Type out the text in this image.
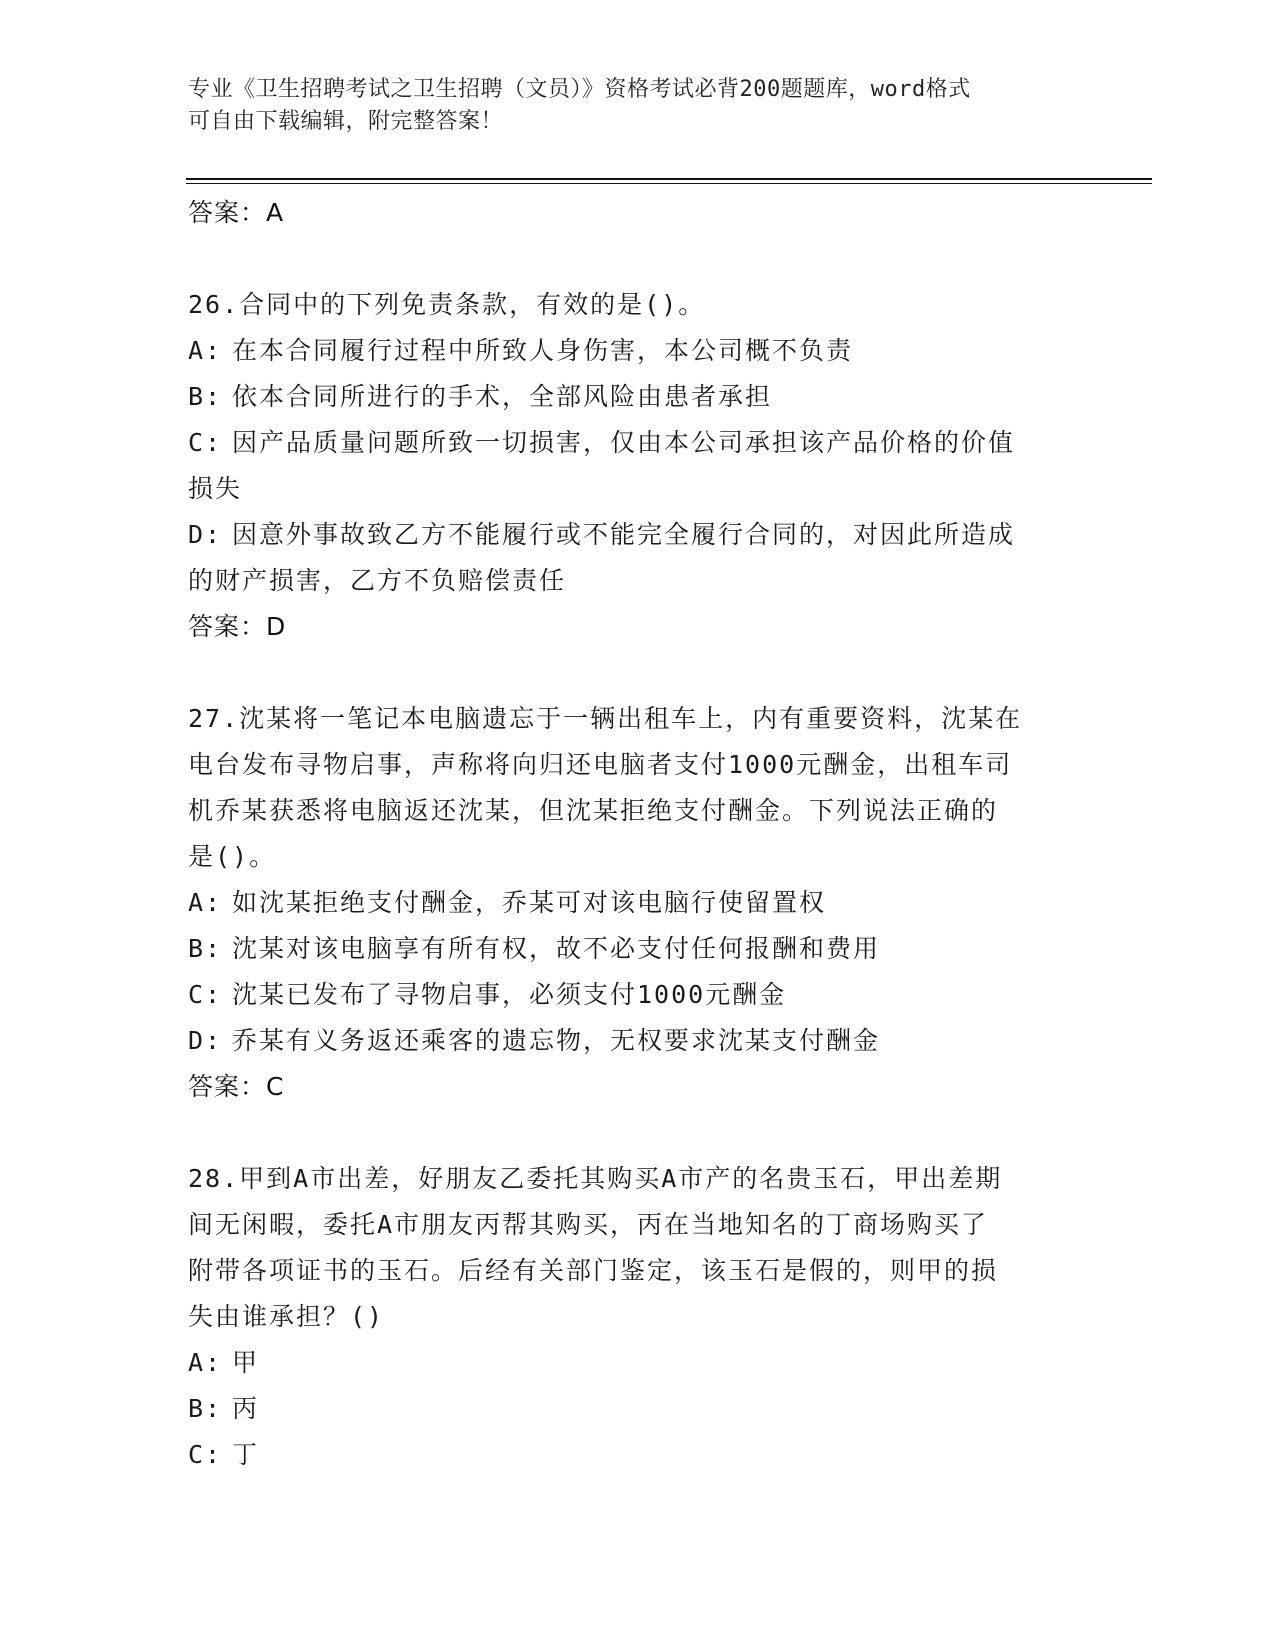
专业《卫生招聘考试之卫生招聘（文员）》资格考试必背200题题库，word格式
可自由下载编辑，附完整答案！
答案：A
26.合同中的下列免责条款，有效的是()。
A: 在本合同履行过程中所致人身伤害，本公司概不负责
B: 依本合同所进行的手术，全部风险由患者承担
C: 因产品质量问题所致一切损害，仅由本公司承担该产品价格的价值
损失
D: 因意外事故致乙方不能履行或不能完全履行合同的，对因此所造成
的财产损害，乙方不负赔偿责任
答案：D
27.沈某将一笔记本电脑遗忘于一辆出租车上，内有重要资料，沈某在
电台发布寻物启事，声称将向归还电脑者支付1000元酬金，出租车司
机乔某获悉将电脑返还沈某，但沈某拒绝支付酬金。下列说法正确的
是()。
A: 如沈某拒绝支付酬金，乔某可对该电脑行使留置权
B: 沈某对该电脑享有所有权，故不必支付任何报酬和费用
C: 沈某已发布了寻物启事，必须支付1000元酬金
D: 乔某有义务返还乘客的遗忘物，无权要求沈某支付酬金
答案：C
28.甲到A市出差，好朋友乙委托其购买A市产的名贵玉石，甲出差期
间无闲暇，委托A市朋友丙帮其购买，丙在当地知名的丁商场购买了
附带各项证书的玉石。后经有关部门鉴定，该玉石是假的，则甲的损
失由谁承担？()
A: 甲
B: 丙
C: 丁
